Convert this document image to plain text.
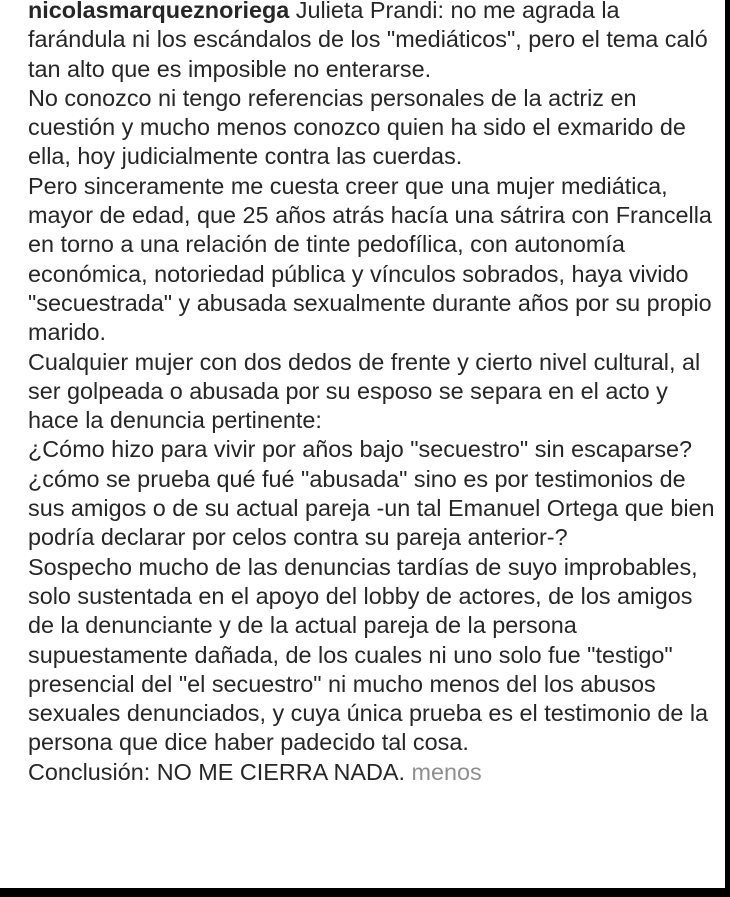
nicolasmarqueznoriega Julieta Prandi: no me agrada la farándula ni los escándalos de los "mediáticos", pero el tema caló tan alto que es imposible no enterarse.

No conozco ni tengo referencias personales de la actriz en cuestión y mucho menos conozco quien ha sido el exmarido de ella, hoy judicialmente contra las cuerdas.

Pero sinceramente me cuesta creer que una mujer mediática, mayor de edad, que 25 años atrás hacía una sátrira con Francella en torno a una relación de tinte pedofílica, con autonomía económica, notoriedad pública y vínculos sobrados, haya vivido "secuestrada" y abusada sexualmente durante años por su propio marido.

Cualquier mujer con dos dedos de frente y cierto nivel cultural, al ser golpeada o abusada por su esposo se separa en el acto y hace la denuncia pertinente:

¿Cómo hizo para vivir por años bajo "secuestro" sin escaparse? ¿cómo se prueba qué fué "abusada" sino es por testimonios de sus amigos o de su actual pareja -un tal Emanuel Ortega que bien podría declarar por celos contra su pareja anterior-?

Sospecho mucho de las denuncias tardías de suyo improbables, solo sustentada en el apoyo del lobby de actores, de los amigos de la denunciante y de la actual pareja de la persona supuestamente dañada, de los cuales ni uno solo fue "testigo" presencial del "el secuestro" ni mucho menos del los abusos sexuales denunciados, y cuya única prueba es el testimonio de la persona que dice haber padecido tal cosa.

Conclusión: NO ME CIERRA NADA. menos
